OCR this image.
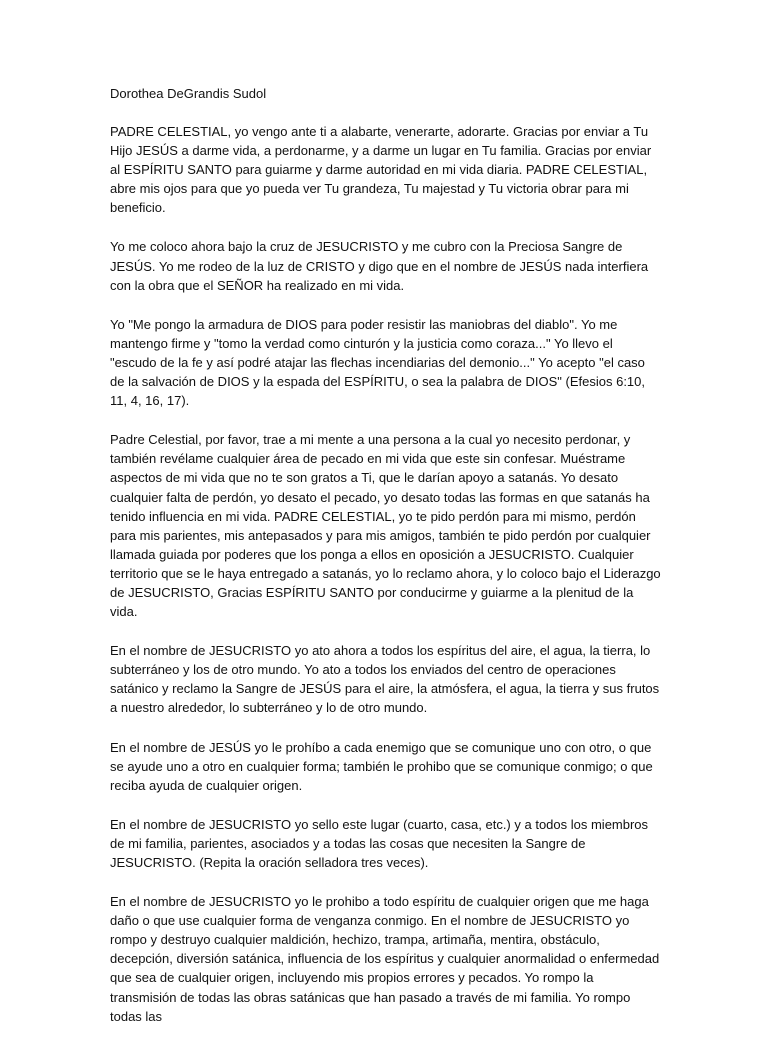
Dorothea DeGrandis Sudol

PADRE CELESTIAL, yo vengo ante ti a alabarte, venerarte, adorarte. Gracias por enviar a Tu Hijo JESÚS a darme vida, a perdonarme, y a darme un lugar en Tu familia. Gracias por enviar al ESPÍRITU SANTO para guiarme y darme autoridad en mi vida diaria. PADRE CELESTIAL, abre mis ojos para que yo pueda ver Tu grandeza, Tu majestad y Tu victoria obrar para mi beneficio.

Yo me coloco ahora bajo la cruz de JESUCRISTO y me cubro con la Preciosa Sangre de JESÚS. Yo me rodeo de la luz de CRISTO y digo que en el nombre de JESÚS nada interfiera con la obra que el SEÑOR ha realizado en mi vida.

Yo "Me pongo la armadura de DIOS para poder resistir las maniobras del diablo". Yo me mantengo firme y "tomo la verdad como cinturón y la justicia como coraza..." Yo llevo el "escudo de la fe y así podré atajar las flechas incendiarias del demonio..." Yo acepto "el caso de la salvación de DIOS y la espada del ESPÍRITU, o sea la palabra de DIOS" (Efesios 6:10, 11, 4, 16, 17).

Padre Celestial, por favor, trae a mi mente a una persona a la cual yo necesito perdonar, y también revélame cualquier área de pecado en mi vida que este sin confesar. Muéstrame aspectos de mi vida que no te son gratos a Ti, que le darían apoyo a satanás. Yo desato cualquier falta de perdón, yo desato el pecado, yo desato todas las formas en que satanás ha tenido influencia en mi vida. PADRE CELESTIAL, yo te pido perdón para mi mismo, perdón para mis parientes, mis antepasados y para mis amigos, también te pido perdón por cualquier llamada guiada por poderes que los ponga a ellos en oposición a JESUCRISTO. Cualquier territorio que se le haya entregado a satanás, yo lo reclamo ahora, y lo coloco bajo el Liderazgo de JESUCRISTO, Gracias ESPÍRITU SANTO por conducirme y guiarme a la plenitud de la vida.

En el nombre de JESUCRISTO yo ato ahora a todos los espíritus del aire, el agua, la tierra, lo subterráneo y los de otro mundo. Yo ato a todos los enviados del centro de operaciones satánico y reclamo la Sangre de JESÚS para el aire, la atmósfera, el agua, la tierra y sus frutos a nuestro alrededor, lo subterráneo y lo de otro mundo.

En el nombre de JESÚS yo le prohíbo a cada enemigo que se comunique uno con otro, o que se ayude uno a otro en cualquier forma; también le prohibo que se comunique conmigo; o que reciba ayuda de cualquier origen.

En el nombre de JESUCRISTO yo sello este lugar (cuarto, casa, etc.) y a todos los miembros de mi familia, parientes, asociados y a todas las cosas que necesiten la Sangre de JESUCRISTO. (Repita la oración selladora tres veces).

En el nombre de JESUCRISTO yo le prohibo a todo espíritu de cualquier origen que me haga daño o que use cualquier forma de venganza conmigo. En el nombre de JESUCRISTO yo rompo y destruyo cualquier maldición, hechizo, trampa, artimaña, mentira, obstáculo, decepción, diversión satánica, influencia de los espíritus y cualquier anormalidad o enfermedad que sea de cualquier origen, incluyendo mis propios errores y pecados. Yo rompo la transmisión de todas las obras satánicas que han pasado a través de mi familia. Yo rompo todas las
